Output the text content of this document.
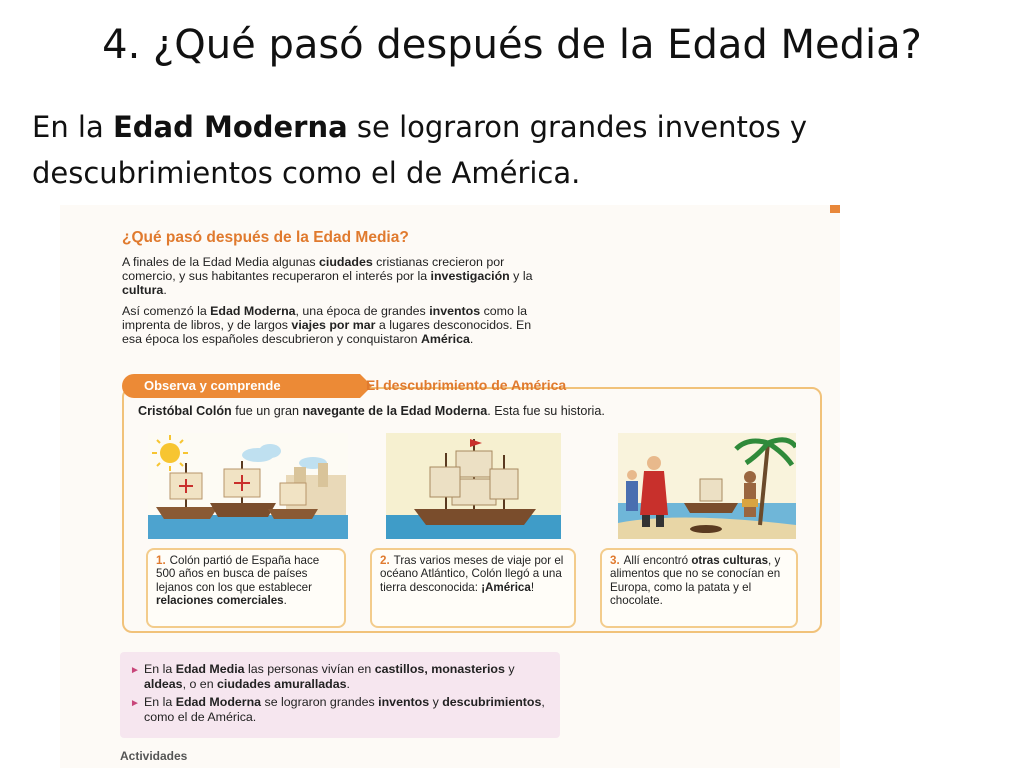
4. ¿Qué pasó después de la Edad Media?
En la Edad Moderna se lograron grandes inventos y descubrimientos como el de América.
¿Qué pasó después de la Edad Media?
A finales de la Edad Media algunas ciudades cristianas crecieron por comercio, y sus habitantes recuperaron el interés por la investigación y la cultura.
Así comenzó la Edad Moderna, una época de grandes inventos como la imprenta de libros, y de largos viajes por mar a lugares desconocidos. En esa época los españoles descubrieron y conquistaron América.
Observa y comprende	El descubrimiento de América
Cristóbal Colón fue un gran navegante de la Edad Moderna. Esta fue su historia.
1. Colón partió de España hace 500 años en busca de países lejanos con los que establecer relaciones comerciales.
2. Tras varios meses de viaje por el océano Atlántico, Colón llegó a una tierra desconocida: ¡América!
3. Allí encontró otras culturas, y alimentos que no se conocían en Europa, como la patata y el chocolate.
► En la Edad Media las personas vivían en castillos, monasterios y aldeas, o en ciudades amuralladas.
► En la Edad Moderna se lograron grandes inventos y descubrimientos, como el de América.
Actividades
